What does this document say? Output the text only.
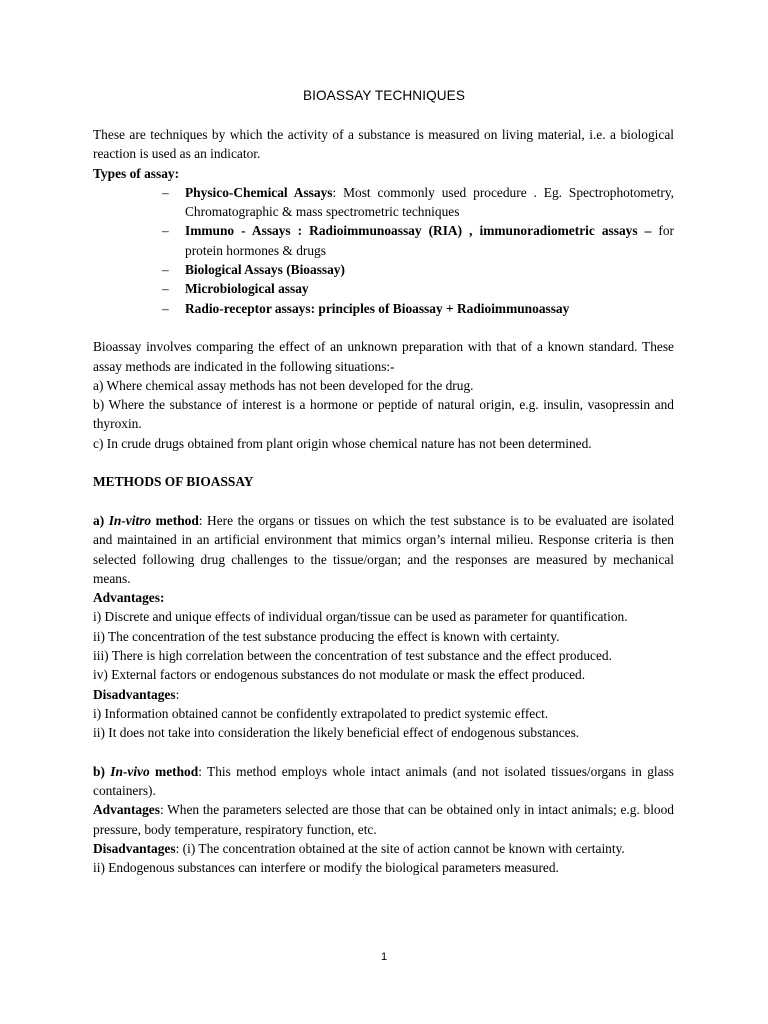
BIOASSAY TECHNIQUES

These are techniques by which the activity of a substance is measured on living material, i.e. a biological reaction is used as an indicator.

Types of assay:

– Physico-Chemical Assays: Most commonly used procedure . Eg. Spectrophotometry, Chromatographic & mass spectrometric techniques
– Immuno - Assays : Radioimmunoassay (RIA) , immunoradiometric assays – for protein hormones & drugs
– Biological Assays (Bioassay)
– Microbiological assay
– Radio-receptor assays: principles of Bioassay + Radioimmunoassay

Bioassay involves comparing the effect of an unknown preparation with that of a known standard. These assay methods are indicated in the following situations:-

a) Where chemical assay methods has not been developed for the drug.

b) Where the substance of interest is a hormone or peptide of natural origin, e.g. insulin, vasopressin and thyroxin.

c) In crude drugs obtained from plant origin whose chemical nature has not been determined.

METHODS OF BIOASSAY

a) In-vitro method: Here the organs or tissues on which the test substance is to be evaluated are isolated and maintained in an artificial environment that mimics organ’s internal milieu. Response criteria is then selected following drug challenges to the tissue/organ; and the responses are measured by mechanical means.

Advantages:

i) Discrete and unique effects of individual organ/tissue can be used as parameter for quantification.

ii) The concentration of the test substance producing the effect is known with certainty.

iii) There is high correlation between the concentration of test substance and the effect produced.

iv) External factors or endogenous substances do not modulate or mask the effect produced.

Disadvantages:

i) Information obtained cannot be confidently extrapolated to predict systemic effect.

ii) It does not take into consideration the likely beneficial effect of endogenous substances.

b) In-vivo method: This method employs whole intact animals (and not isolated tissues/organs in glass containers).

Advantages: When the parameters selected are those that can be obtained only in intact animals; e.g. blood pressure, body temperature, respiratory function, etc.

Disadvantages: (i) The concentration obtained at the site of action cannot be known with certainty.

ii) Endogenous substances can interfere or modify the biological parameters measured.

1
